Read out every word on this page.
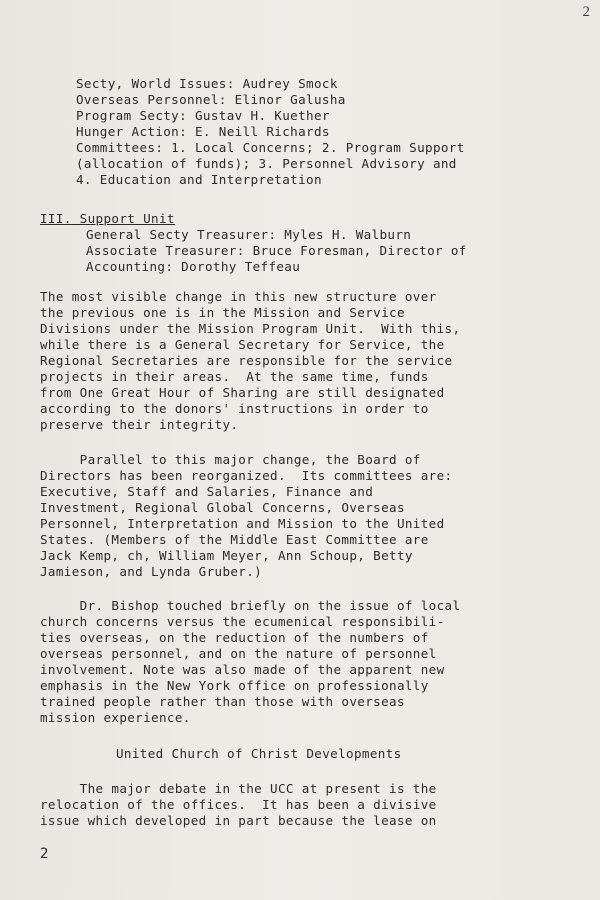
2
Secty, World Issues: Audrey Smock
Overseas Personnel: Elinor Galusha
Program Secty: Gustav H. Kuether
Hunger Action: E. Neill Richards
Committees: 1. Local Concerns; 2. Program Support
(allocation of funds); 3. Personnel Advisory and
4. Education and Interpretation
III. Support Unit
General Secty Treasurer: Myles H. Walburn
Associate Treasurer: Bruce Foresman, Director of
Accounting: Dorothy Teffeau
The most visible change in this new structure over
the previous one is in the Mission and Service
Divisions under the Mission Program Unit.  With this,
while there is a General Secretary for Service, the
Regional Secretaries are responsible for the service
projects in their areas.  At the same time, funds
from One Great Hour of Sharing are still designated
according to the donors' instructions in order to
preserve their integrity.
Parallel to this major change, the Board of
Directors has been reorganized.  Its committees are:
Executive, Staff and Salaries, Finance and
Investment, Regional Global Concerns, Overseas
Personnel, Interpretation and Mission to the United
States. (Members of the Middle East Committee are
Jack Kemp, ch, William Meyer, Ann Schoup, Betty
Jamieson, and Lynda Gruber.)
Dr. Bishop touched briefly on the issue of local
church concerns versus the ecumenical responsibili-
ties overseas, on the reduction of the numbers of
overseas personnel, and on the nature of personnel
involvement. Note was also made of the apparent new
emphasis in the New York office on professionally
trained people rather than those with overseas
mission experience.
United Church of Christ Developments
The major debate in the UCC at present is the
relocation of the offices.  It has been a divisive
issue which developed in part because the lease on
2
